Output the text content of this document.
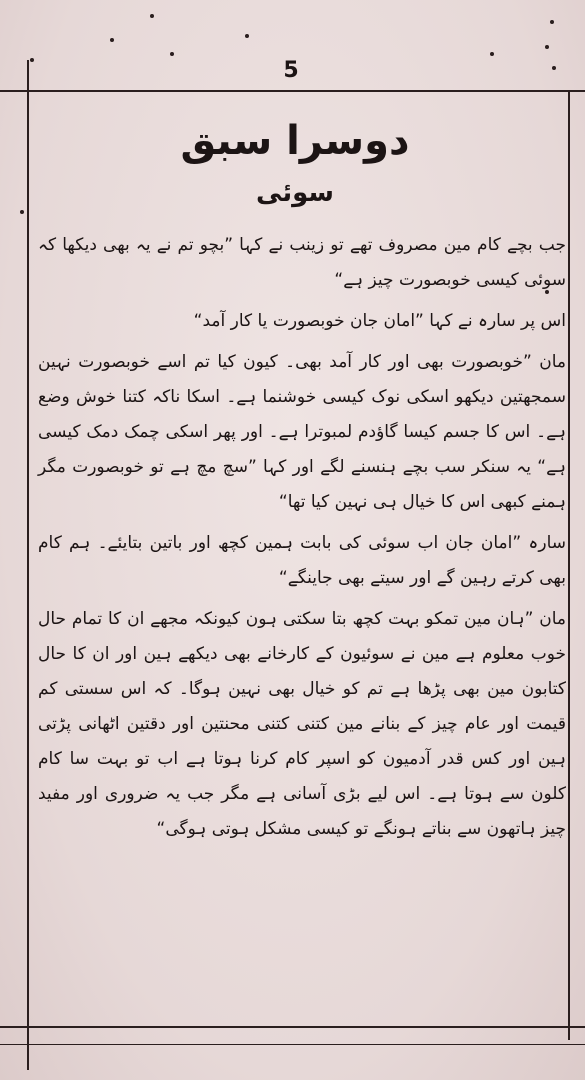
5
دوسرا سبق
سوئی

جب بچے کام مین مصروف تھے تو زینب نے کہا ”بچو تم نے یہ بھی دیکھا کہ سوئی کیسی خوبصورت چیز ہے“

اس پر سارہ نے کہا ”امان جان خوبصورت یا کار آمد“

مان ”خوبصورت بھی اور کار آمد بھی۔ کیون کیا تم اسے خوبصورت نہین سمجھتین دیکھو اسکی نوک کیسی خوشنما ہے۔ اسکا ناکہ کتنا خوش وضع ہے۔ اس کا جسم کیسا گاؤدم لمبوترا ہے۔ اور پھر اسکی چمک دمک کیسی ہے“ یہ سنکر سب بچے ہنسنے لگے اور کہا ”سچ مچ ہے تو خوبصورت مگر ہمنے کبھی اس کا خیال ہی نہین کیا تھا“

سارہ ”امان جان اب سوئی کی بابت ہمین کچھ اور باتین بتایئے۔ ہم کام بھی کرتے رہین گے اور سیتے بھی جاینگے“

مان ”ہان مین تمکو بہت کچھ بتا سکتی ہون کیونکہ مجھے ان کا تمام حال خوب معلوم ہے مین نے سوئیون کے کارخانے بھی دیکھے ہین اور ان کا حال کتابون مین بھی پڑھا ہے تم کو خیال بھی نہین ہوگا۔ کہ اس سستی کم قیمت اور عام چیز کے بنانے مین کتنی کتنی محنتین اور دقتین اٹھانی پڑتی ہین اور کس قدر آدمیون کو اسپر کام کرنا ہوتا ہے اب تو بہت سا کام کلون سے ہوتا ہے۔ اس لیے بڑی آسانی ہے مگر جب یہ ضروری اور مفید چیز ہاتھون سے بناتے ہونگے تو کیسی مشکل ہوتی ہوگی“
